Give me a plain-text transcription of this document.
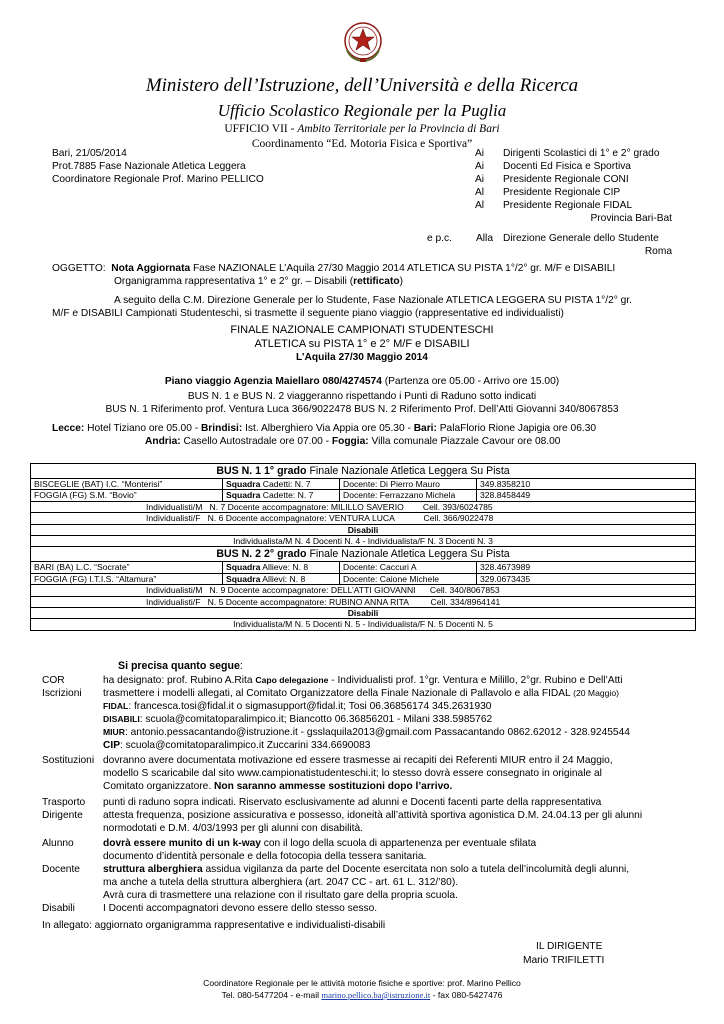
Ministero dell’Istruzione, dell’Università e della Ricerca
Ufficio Scolastico Regionale per la Puglia
UFFICIO VII - Ambito Territoriale per la Provincia di Bari
Coordinamento “Ed. Motoria Fisica e Sportiva”
Bari, 21/05/2014
Prot.7885 Fase Nazionale Atletica Leggera
Coordinatore Regionale Prof. Marino PELLICO
Ai Dirigenti Scolastici di 1° e 2° grado
Ai Docenti Ed Fisica e Sportiva
Ai Presidente Regionale CONI
Al Presidente Regionale CIP
Al Presidente Regionale FIDAL
Provincia Bari-Bat
e p.c. Alla Direzione Generale dello Studente
Roma
OGGETTO: Nota Aggiornata Fase NAZIONALE L’Aquila 27/30 Maggio 2014 ATLETICA SU PISTA 1°/2° gr. M/F e DISABILI
Organigramma rappresentativa 1° e 2° gr. – Disabili (rettificato)
A seguito della C.M. Direzione Generale per lo Studente, Fase Nazionale ATLETICA LEGGERA SU PISTA 1°/2° gr.
M/F e DISABILI Campionati Studenteschi, si trasmette il seguente piano viaggio (rappresentative ed individualisti)
FINALE NAZIONALE CAMPIONATI STUDENTESCHI
ATLETICA su PISTA 1° e 2° M/F e DISABILI
L’Aquila 27/30 Maggio 2014
Piano viaggio Agenzia Maiellaro 080/4274574 (Partenza ore 05.00 - Arrivo ore 15.00)
BUS N. 1 e BUS N. 2 viaggeranno rispettando i Punti di Raduno sotto indicati
BUS N. 1 Riferimento prof. Ventura Luca 366/9022478 BUS N. 2 Riferimento Prof. Dell’Atti Giovanni 340/8067853
Lecce: Hotel Tiziano ore 05.00 - Brindisi: Ist. Alberghiero Via Appia ore 05.30 - Bari: PalaFlorio Rione Japigia ore 06.30
Andria: Casello Autostradale ore 07.00 - Foggia: Villa comunale Piazzale Cavour ore 08.00
BUS N. 1 1° grado Finale Nazionale Atletica Leggera Su Pista			
BISCEGLIE (BAT) I.C. “Monterisi”	Squadra Cadetti: N. 7	Docente: Di Pierro Mauro	349.8358210
FOGGIA (FG) S.M. “Bovio”	Squadra Cadette: N. 7	Docente: Ferrazzano Michela	328.8458449
Individualisti/M N. 7 Docente accompagnatore: MILILLO SAVERIO Cell. 393/6024785			
Individualisti/F N. 6 Docente accompagnatore: VENTURA LUCA Cell. 366/9022478			
Disabili			
Individualista/M N. 4 Docenti N. 4 - Individualista/F N. 3 Docenti N. 3			
BUS N. 2 2° grado Finale Nazionale Atletica Leggera Su Pista			
BARI (BA) L.C. “Socrate”	Squadra Allieve: N. 8	Docente: Caccuri A	328.4673989
FOGGIA (FG) I.T.I.S. “Altamura”	Squadra Allievi: N. 8	Docente: Caione Michele	329.0673435
Individualisti/M N. 9 Docente accompagnatore: DELL’ATTI GIOVANNI Cell. 340/8067853			
Individualisti/F N. 5 Docente accompagnatore: RUBINO ANNA RITA Cell. 334/8964141			
Disabili			
Individualista/M N. 5 Docenti N. 5 - Individualista/F N. 5 Docenti N. 5			
Si precisa quanto segue:
COR	ha designato: prof. Rubino A.Rita Capo delegazione - Individualisti prof. 1°gr. Ventura e Milillo, 2°gr. Rubino e Dell’Atti
Iscrizioni trasmettere i modelli allegati, al Comitato Organizzatore della Finale Nazionale di Pallavolo e alla FIDAL (20 Maggio)
FIDAL: francesca.tosi@fidal.it o sigmasupport@fidal.it; Tosi 06.36856174 345.2631930
DISABILI: scuola@comitatoparalimpico.it; Biancotto 06.36856201 - Milani 338.5985762
MIUR: antonio.pessacantando@istruzione.it - gsslaquila2013@gmail.com Passacantando 0862.62012 - 328.9245544
CIP: scuola@comitatoparalimpico.it Zuccarini 334.6690083
Sostituzioni dovranno avere documentata motivazione ed essere trasmesse ai recapiti dei Referenti MIUR entro il 24 Maggio,
modello S scaricabile dal sito www.campionatistudenteschi.it; lo stesso dovrà essere consegnato in originale al
Comitato organizzatore. Non saranno ammesse sostituzioni dopo l’arrivo.
Trasporto punti di raduno sopra indicati. Riservato esclusivamente ad alunni e Docenti facenti parte della rappresentativa
Dirigente attesta frequenza, posizione assicurativa e possesso, idoneità all’attività sportiva agonistica D.M. 24.04.13 per gli alunni
normodotati e D.M. 4/03/1993 per gli alunni con disabilità.
Alunno	dovrà essere munito di un k-way con il logo della scuola di appartenenza per eventuale sfilata
documento d’identità personale e della fotocopia della tessera sanitaria.
Docente struttura alberghiera assidua vigilanza da parte del Docente esercitata non solo a tutela dell’incolumità degli alunni,
ma anche a tutela della struttura alberghiera (art. 2047 CC - art. 61 L. 312/’80).
Avrà cura di trasmettere una relazione con il risultato gare della propria scuola.
Disabili	I Docenti accompagnatori devono essere dello stesso sesso.
In allegato: aggiornato organigramma rappresentative e individualisti-disabili
IL DIRIGENTE
Mario TRIFILETTI
Coordinatore Regionale per le attività motorie fisiche e sportive: prof. Marino Pellico
Tel. 080-5477204 - e-mail marino.pellico.ba@istruzione.it - fax 080-5427476
